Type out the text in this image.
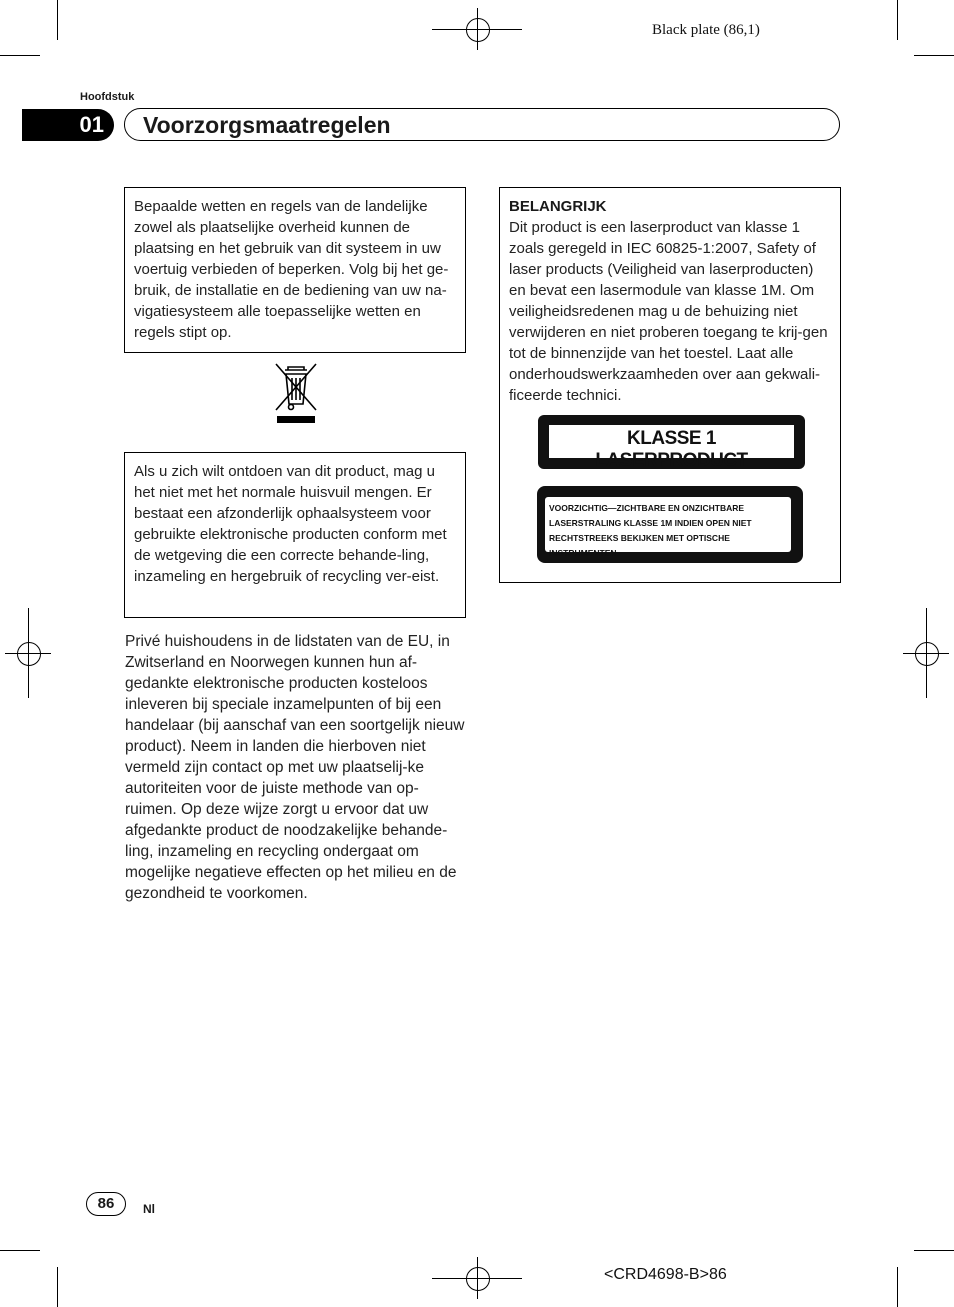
Black plate (86,1)
Hoofdstuk
01	Voorzorgsmaatregelen

Bepaalde wetten en regels van de landelijke zowel als plaatselijke overheid kunnen de plaatsing en het gebruik van dit systeem in uw voertuig verbieden of beperken. Volg bij het ge-bruik, de installatie en de bediening van uw na-vigatiesysteem alle toepasselijke wetten en regels stipt op.

Als u zich wilt ontdoen van dit product, mag u het niet met het normale huisvuil mengen. Er bestaat een afzonderlijk ophaalsysteem voor gebruikte elektronische producten conform met de wetgeving die een correcte behande-ling, inzameling en hergebruik of recycling ver-eist.

Privé huishoudens in de lidstaten van de EU, in Zwitserland en Noorwegen kunnen hun af-gedankte elektronische producten kosteloos inleveren bij speciale inzamelpunten of bij een handelaar (bij aanschaf van een soortgelijk nieuw product). Neem in landen die hierboven niet vermeld zijn contact op met uw plaatselij-ke autoriteiten voor de juiste methode van op-ruimen. Op deze wijze zorgt u ervoor dat uw afgedankte product de noodzakelijke behande-ling, inzameling en recycling ondergaat om mogelijke negatieve effecten op het milieu en de gezondheid te voorkomen.

BELANGRIJK

Dit product is een laserproduct van klasse 1 zoals geregeld in IEC 60825-1:2007, Safety of laser products (Veiligheid van laserproducten) en bevat een lasermodule van klasse 1M. Om veiligheidsredenen mag u de behuizing niet verwijderen en niet proberen toegang te krij-gen tot de binnenzijde van het toestel. Laat alle onderhoudswerkzaamheden over aan gekwali-ficeerde technici.

KLASSE 1 LASERPRODUCT
VOORZICHTIG—ZICHTBARE EN ONZICHTBARE
LASERSTRALING KLASSE 1M INDIEN OPEN NIET
RECHTSTREEKS BEKIJKEN MET OPTISCHE INSTRUMENTEN.
86	Nl
<CRD4698-B>86
